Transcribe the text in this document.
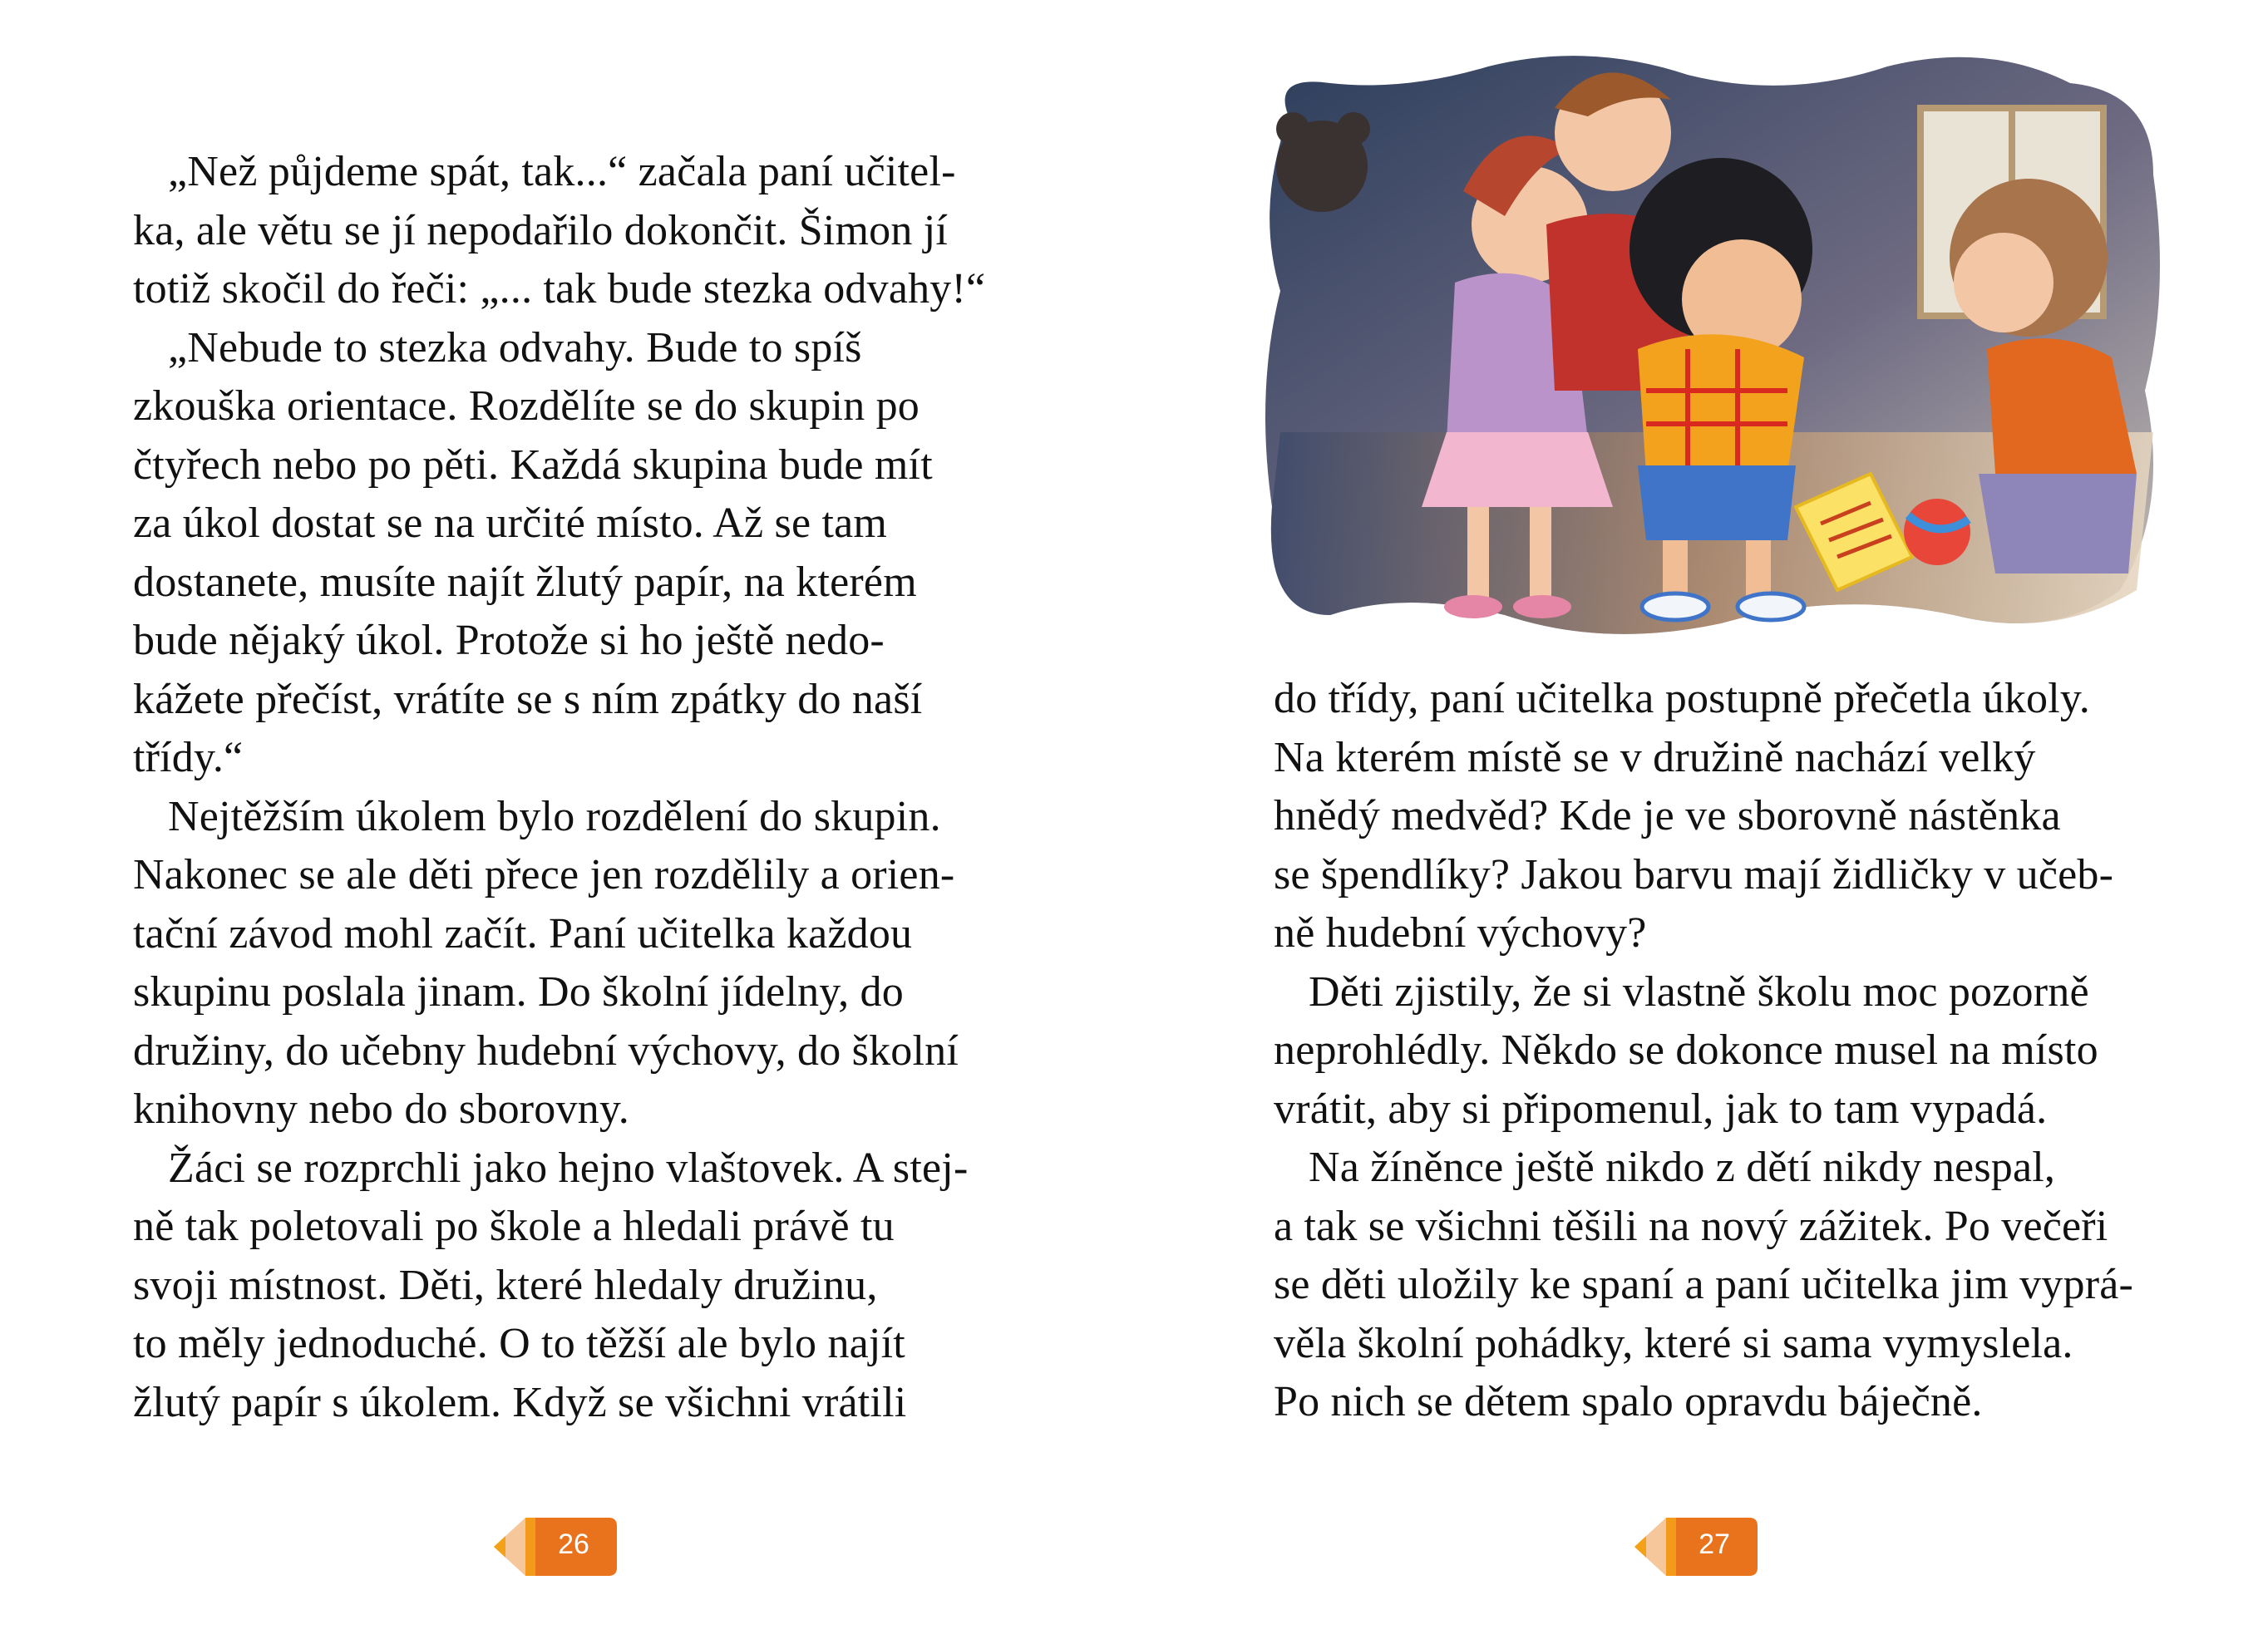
„Než půjdeme spát, tak...“ začala paní učitel-
ka, ale větu se jí nepodařilo dokončit. Šimon jí
totiž skočil do řeči: „... tak bude stezka odvahy!“
„Nebude to stezka odvahy. Bude to spíš
zkouška orientace. Rozdělíte se do skupin po
čtyřech nebo po pěti. Každá skupina bude mít
za úkol dostat se na určité místo. Až se tam
dostanete, musíte najít žlutý papír, na kterém
bude nějaký úkol. Protože si ho ještě nedo-
kážete přečíst, vrátíte se s ním zpátky do naší
třídy.“
Nejtěžším úkolem bylo rozdělení do skupin.
Nakonec se ale děti přece jen rozdělily a orien-
tační závod mohl začít. Paní učitelka každou
skupinu poslala jinam. Do školní jídelny, do
družiny, do učebny hudební výchovy, do školní
knihovny nebo do sborovny.
Žáci se rozprchli jako hejno vlaštovek. A stej-
ně tak poletovali po škole a hledali právě tu
svoji místnost. Děti, které hledaly družinu,
to měly jednoduché. O to těžší ale bylo najít
žlutý papír s úkolem. Když se všichni vrátili
26
do třídy, paní učitelka postupně přečetla úkoly.
Na kterém místě se v družině nachází velký
hnědý medvěd? Kde je ve sborovně nástěnka
se špendlíky? Jakou barvu mají židličky v učeb-
ně hudební výchovy?
Děti zjistily, že si vlastně školu moc pozorně
neprohlédly. Někdo se dokonce musel na místo
vrátit, aby si připomenul, jak to tam vypadá.
Na žíněnce ještě nikdo z dětí nikdy nespal,
a tak se všichni těšili na nový zážitek. Po večeři
se děti uložily ke spaní a paní učitelka jim vyprá-
věla školní pohádky, které si sama vymyslela.
Po nich se dětem spalo opravdu báječně.
27
